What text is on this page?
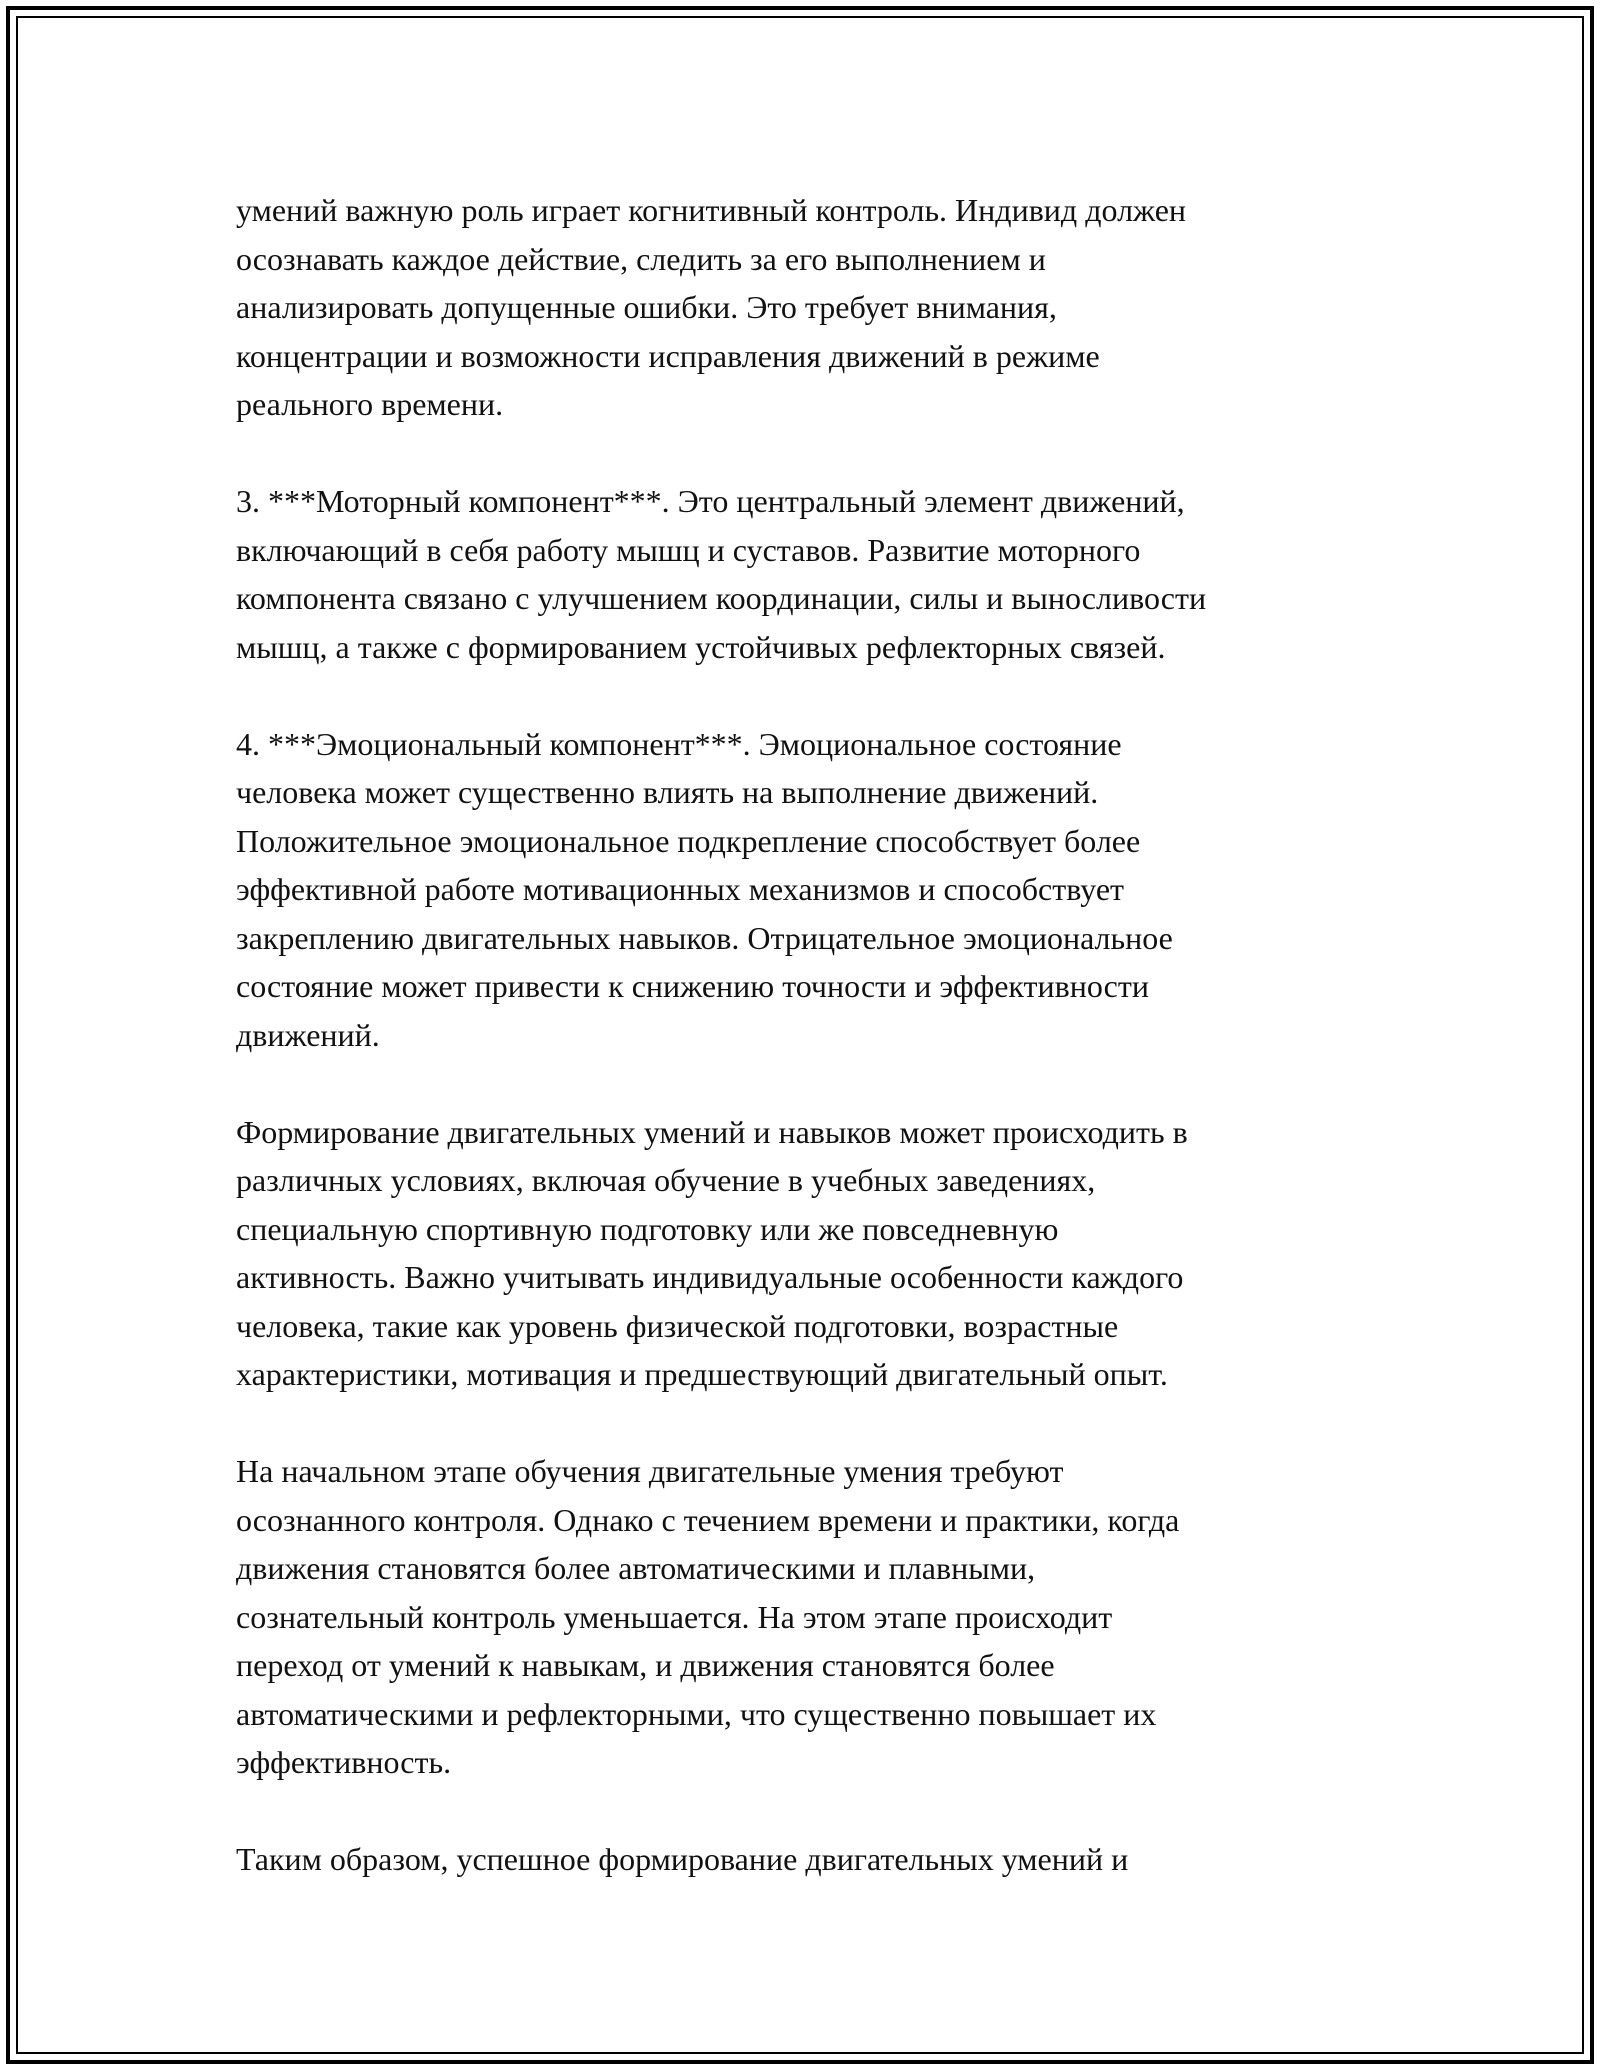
умений важную роль играет когнитивный контроль. Индивид должен
осознавать каждое действие, следить за его выполнением и
анализировать допущенные ошибки. Это требует внимания,
концентрации и возможности исправления движений в режиме
реального времени.

3. ***Моторный компонент***. Это центральный элемент движений,
включающий в себя работу мышц и суставов. Развитие моторного
компонента связано с улучшением координации, силы и выносливости
мышц, а также с формированием устойчивых рефлекторных связей.

4. ***Эмоциональный компонент***. Эмоциональное состояние
человека может существенно влиять на выполнение движений.
Положительное эмоциональное подкрепление способствует более
эффективной работе мотивационных механизмов и способствует
закреплению двигательных навыков. Отрицательное эмоциональное
состояние может привести к снижению точности и эффективности
движений.

Формирование двигательных умений и навыков может происходить в
различных условиях, включая обучение в учебных заведениях,
специальную спортивную подготовку или же повседневную
активность. Важно учитывать индивидуальные особенности каждого
человека, такие как уровень физической подготовки, возрастные
характеристики, мотивация и предшествующий двигательный опыт.

На начальном этапе обучения двигательные умения требуют
осознанного контроля. Однако с течением времени и практики, когда
движения становятся более автоматическими и плавными,
сознательный контроль уменьшается. На этом этапе происходит
переход от умений к навыкам, и движения становятся более
автоматическими и рефлекторными, что существенно повышает их
эффективность.

Таким образом, успешное формирование двигательных умений и
